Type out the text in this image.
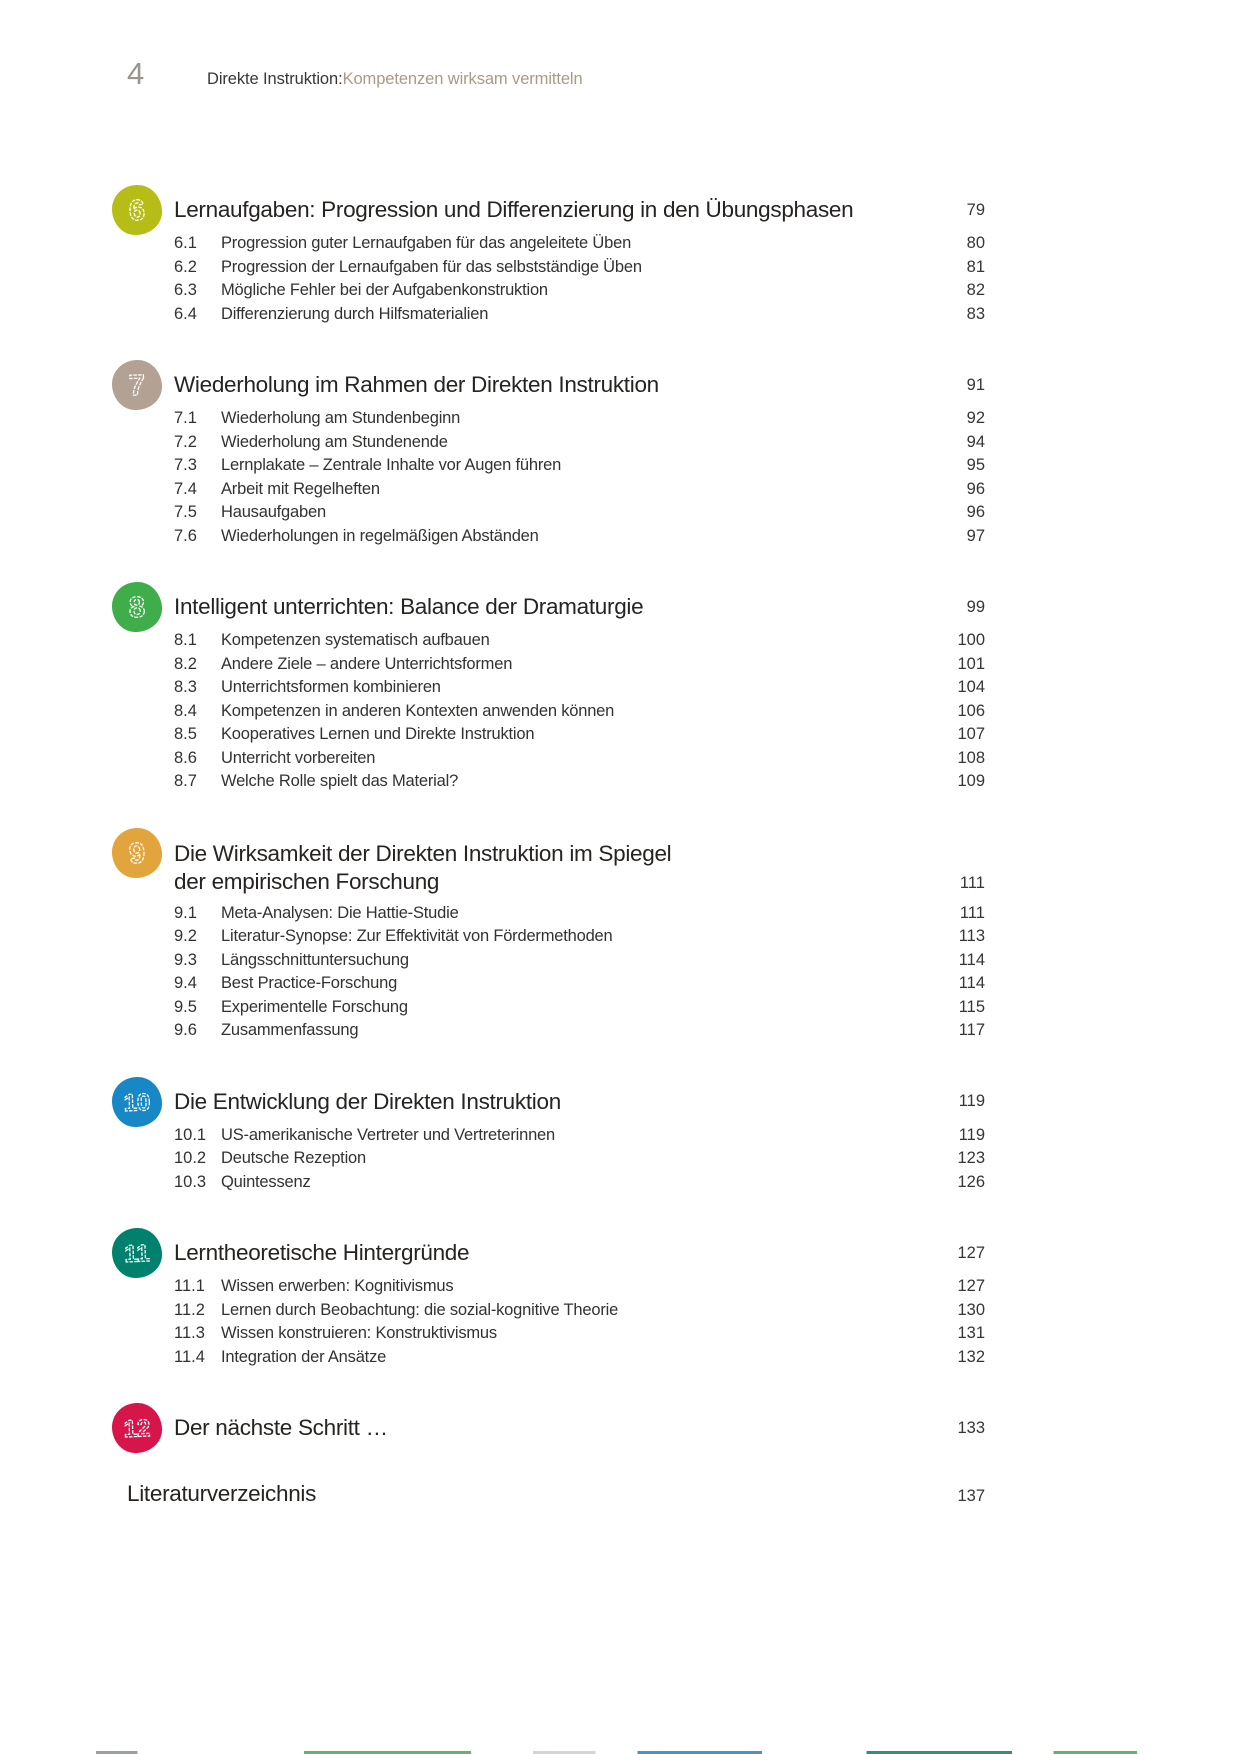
4	Direkte Instruktion:Kompetenzen wirksam vermitteln
6 Lernaufgaben: Progression und Differenzierung in den Übungsphasen	79
6.1	Progression guter Lernaufgaben für das angeleitete Üben	80
6.2	Progression der Lernaufgaben für das selbstständige Üben	81
6.3	Mögliche Fehler bei der Aufgabenkonstruktion	82
6.4	Differenzierung durch Hilfsmaterialien	83
7 Wiederholung im Rahmen der Direkten Instruktion	91
7.1	Wiederholung am Stundenbeginn	92
7.2	Wiederholung am Stundenende	94
7.3	Lernplakate – Zentrale Inhalte vor Augen führen	95
7.4	Arbeit mit Regelheften	96
7.5	Hausaufgaben	96
7.6	Wiederholungen in regelmäßigen Abständen	97
8 Intelligent unterrichten: Balance der Dramaturgie	99
8.1	Kompetenzen systematisch aufbauen	100
8.2	Andere Ziele – andere Unterrichtsformen	101
8.3	Unterrichtsformen kombinieren	104
8.4	Kompetenzen in anderen Kontexten anwenden können	106
8.5	Kooperatives Lernen und Direkte Instruktion	107
8.6	Unterricht vorbereiten	108
8.7	Welche Rolle spielt das Material?	109
9 Die Wirksamkeit der Direkten Instruktion im Spiegel
der empirischen Forschung	111
9.1	Meta-Analysen: Die Hattie-Studie	111
9.2	Literatur-Synopse: Zur Effektivität von Fördermethoden	113
9.3	Längsschnittuntersuchung	114
9.4	Best Practice-Forschung	114
9.5	Experimentelle Forschung	115
9.6	Zusammenfassung	117
10 Die Entwicklung der Direkten Instruktion	119
10.1 US-amerikanische Vertreter und Vertreterinnen	119
10.2 Deutsche Rezeption	123
10.3 Quintessenz	126
11 Lerntheoretische Hintergründe	127
11.1 Wissen erwerben: Kognitivismus	127
11.2 Lernen durch Beobachtung: die sozial-kognitive Theorie	130
11.3 Wissen konstruieren: Konstruktivismus	131
11.4 Integration der Ansätze	132
12 Der nächste Schritt …	133
Literaturverzeichnis	137
